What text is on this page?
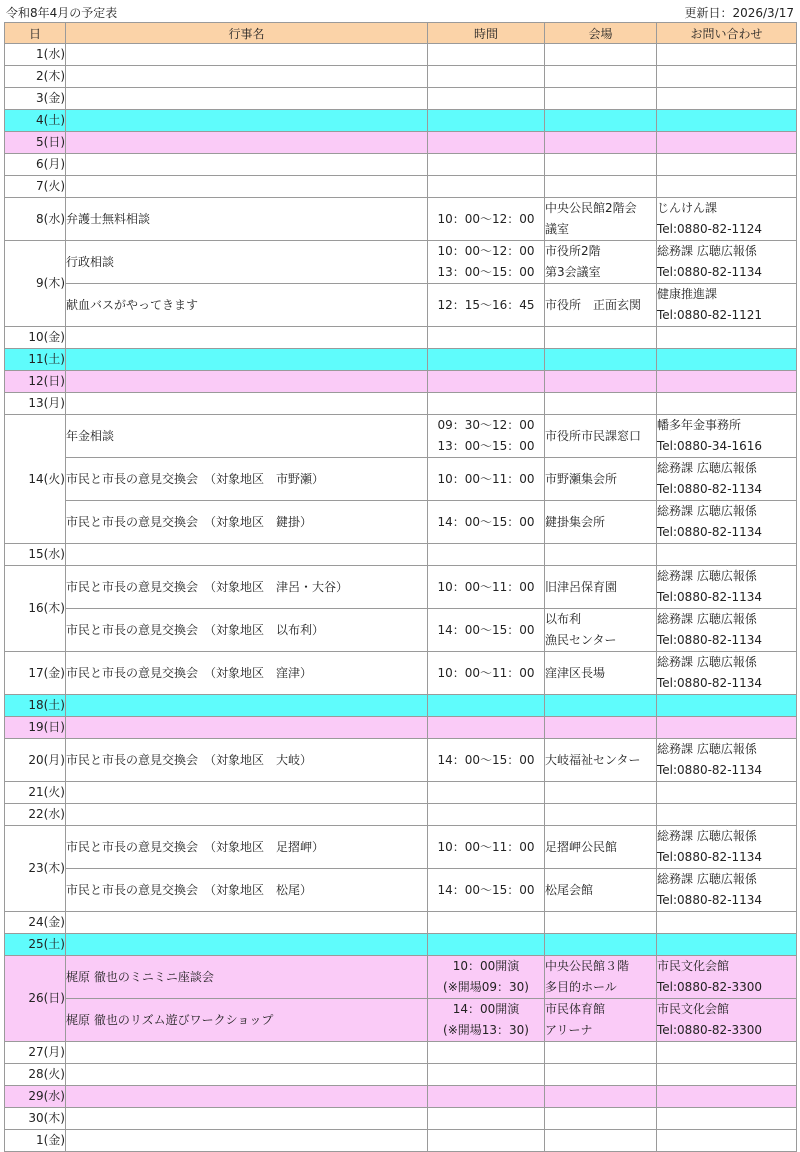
令和8年4月の予定表	更新日：2026/3/17
日	行事名	時間	会場	お問い合わせ
1(水)				
2(木)				
3(金)				
4(土)				
5(日)				
6(月)				
7(火)				
8(水)	弁護士無料相談	10：00～12：00	中央公民館2階会
議室	じんけん課
Tel:0880-82-1124

9(木)	行政相談	10：00～12：00
13：00～15：00	市役所2階
第3会議室	総務課 広聴広報係
Tel:0880-82-1134

	献血バスがやってきます	12：15～16：45	市役所　正面玄関	健康推進課
Tel:0880-82-1121

10(金)				
11(土)				
12(日)				
13(月)				
14(火)	年金相談	09：30～12：00
13：00～15：00	市役所市民課窓口	幡多年金事務所
Tel:0880-34-1616

	市民と市長の意見交換会　（対象地区　市野瀬）	10：00～11：00	市野瀬集会所	総務課 広聴広報係
Tel:0880-82-1134

	市民と市長の意見交換会　（対象地区　鍵掛）	14：00～15：00	鍵掛集会所	総務課 広聴広報係
Tel:0880-82-1134

15(水)				
16(木)	市民と市長の意見交換会　（対象地区　津呂・大谷）	10：00～11：00	旧津呂保育園	総務課 広聴広報係
Tel:0880-82-1134

	市民と市長の意見交換会　（対象地区　以布利）	14：00～15：00	以布利
漁民センター	総務課 広聴広報係
Tel:0880-82-1134

17(金)	市民と市長の意見交換会　（対象地区　窪津）	10：00～11：00	窪津区長場	総務課 広聴広報係
Tel:0880-82-1134

18(土)				
19(日)				
20(月)	市民と市長の意見交換会　（対象地区　大岐）	14：00～15：00	大岐福祉センター	総務課 広聴広報係
Tel:0880-82-1134

21(火)				
22(水)				
23(木)	市民と市長の意見交換会　（対象地区　足摺岬）	10：00～11：00	足摺岬公民館	総務課 広聴広報係
Tel:0880-82-1134

	市民と市長の意見交換会　（対象地区　松尾）	14：00～15：00	松尾会館	総務課 広聴広報係
Tel:0880-82-1134

24(金)				
25(土)				
26(日)	梶原 徹也のミニミニ座談会	10：00開演
(※開場09：30)	中央公民館３階
多目的ホール	市民文化会館
Tel:0880-82-3300

	梶原 徹也のリズム遊びワークショップ	14：00開演
(※開場13：30)	市民体育館
アリーナ	市民文化会館
Tel:0880-82-3300

27(月)				
28(火)				
29(水)				
30(木)				
1(金)				
